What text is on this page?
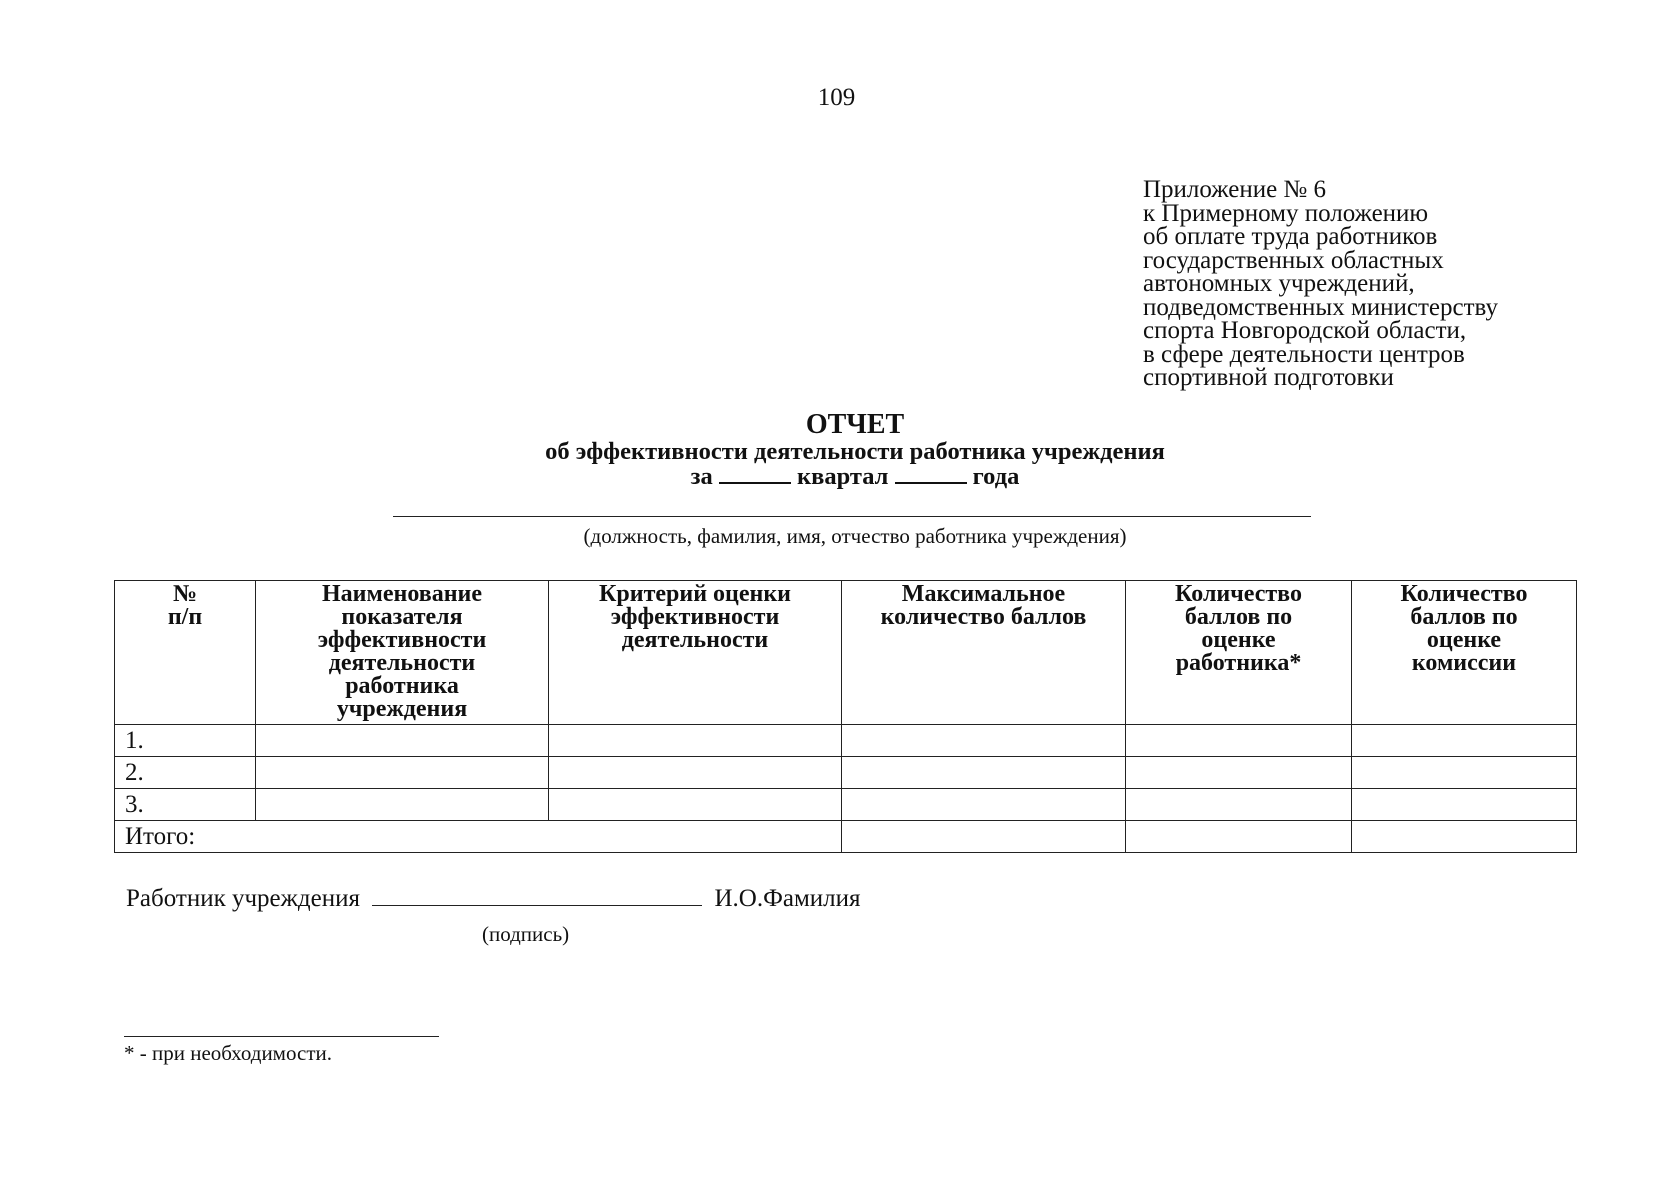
109
Приложение № 6
к Примерному положению
об оплате труда работников
государственных областных
автономных учреждений,
подведомственных министерству
спорта Новгородской области,
в сфере деятельности центров
спортивной подготовки
ОТЧЕТ
об эффективности деятельности работника учреждения
за	квартал	года
(должность, фамилия, имя, отчество работника учреждения)
№ п/п	Наименование показателя эффективности деятельности работника учреждения	Критерий оценки эффективности деятельности	Максимальное количество баллов	Количество баллов по оценке работника*	Количество баллов по оценке комиссии
1.					
2.					
3.					
Итого:					
Работник учреждения	И.О.Фамилия
(подпись)
* - при необходимости.
